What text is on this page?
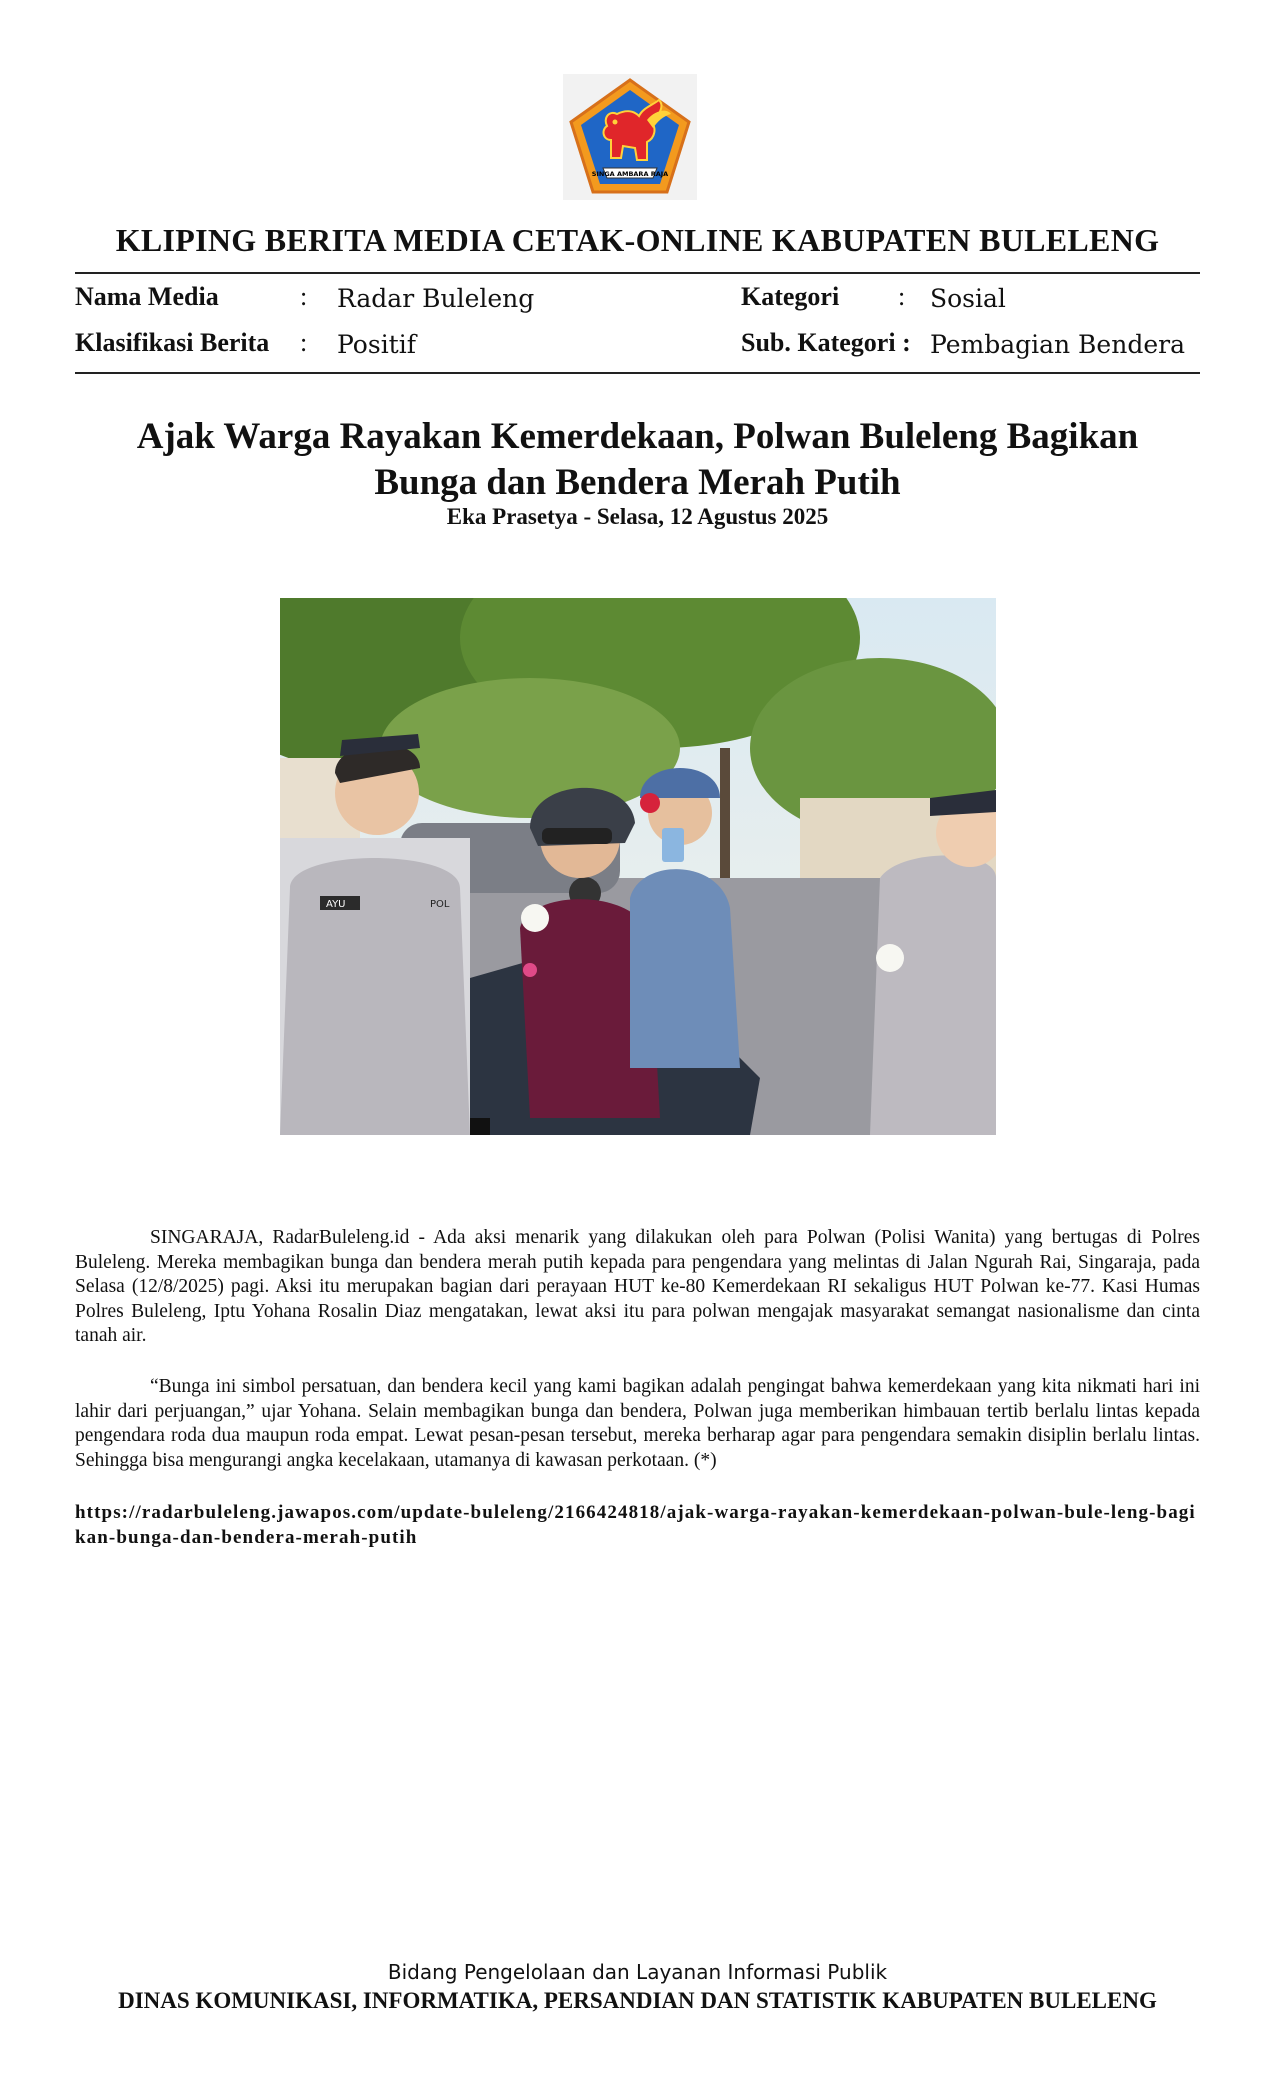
SINGA AMBARA RAJA
KLIPING BERITA MEDIA CETAK-ONLINE KABUPATEN BULELENG
Nama Media	: Radar Buleleng
Klasifikasi Berita : Positif
Kategori : Sosial
Sub. Kategori : Pembagian Bendera
Ajak Warga Rayakan Kemerdekaan, Polwan Buleleng Bagikan
Bunga dan Bendera Merah Putih
Eka Prasetya - Selasa, 12 Agustus 2025
AYU	POL

SINGARAJA, RadarBuleleng.id - Ada aksi menarik yang dilakukan oleh para Polwan (Polisi Wanita) yang bertugas di Polres Buleleng. Mereka membagikan bunga dan bendera merah putih kepada para pengendara yang melintas di Jalan Ngurah Rai, Singaraja, pada Selasa (12/8/2025) pagi. Aksi itu merupakan bagian dari perayaan HUT ke-80 Kemerdekaan RI sekaligus HUT Polwan ke-77. Kasi Humas Polres Buleleng, Iptu Yohana Rosalin Diaz mengatakan, lewat aksi itu para polwan mengajak masyarakat semangat nasionalisme dan cinta tanah air.

“Bunga ini simbol persatuan, dan bendera kecil yang kami bagikan adalah pengingat bahwa kemerdekaan yang kita nikmati hari ini lahir dari perjuangan,” ujar Yohana. Selain membagikan bunga dan bendera, Polwan juga memberikan himbauan tertib berlalu lintas kepada pengendara roda dua maupun roda empat. Lewat pesan-pesan tersebut, mereka berharap agar para pengendara semakin disiplin berlalu lintas. Sehingga bisa mengurangi angka kecelakaan, utamanya di kawasan perkotaan. (*)

https://radarbuleleng.jawapos.com/update-buleleng/2166424818/ajak-warga-rayakan-kemerdekaan-polwan-bule-leng-bagikan-bunga-dan-bendera-merah-putih
Bidang Pengelolaan dan Layanan Informasi Publik
DINAS KOMUNIKASI, INFORMATIKA, PERSANDIAN DAN STATISTIK KABUPATEN BULELENG
